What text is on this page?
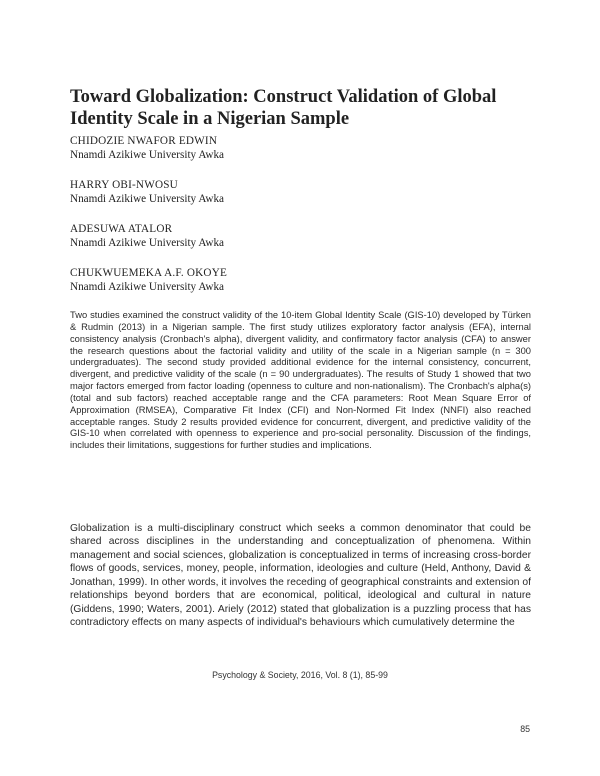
Toward Globalization: Construct Validation of Global Identity Scale in a Nigerian Sample
CHIDOZIE NWAFOR EDWIN
Nnamdi Azikiwe University Awka
HARRY OBI-NWOSU
Nnamdi Azikiwe University Awka
ADESUWA ATALOR
Nnamdi Azikiwe University Awka
CHUKWUEMEKA A.F. OKOYE
Nnamdi Azikiwe University Awka

Two studies examined the construct validity of the 10-item Global Identity Scale (GIS-10) developed by Türken & Rudmin (2013) in a Nigerian sample. The first study utilizes exploratory factor analysis (EFA), internal consistency analysis (Cronbach's alpha), divergent validity, and confirmatory factor analysis (CFA) to answer the research questions about the factorial validity and utility of the scale in a Nigerian sample (n = 300 undergraduates). The second study provided additional evidence for the internal consistency, concurrent, divergent, and predictive validity of the scale (n = 90 undergraduates). The results of Study 1 showed that two major factors emerged from factor loading (openness to culture and non-nationalism). The Cronbach's alpha(s) (total and sub factors) reached acceptable range and the CFA parameters: Root Mean Square Error of Approximation (RMSEA), Comparative Fit Index (CFI) and Non-Normed Fit Index (NNFI) also reached acceptable ranges. Study 2 results provided evidence for concurrent, divergent, and predictive validity of the GIS-10 when correlated with openness to experience and pro-social personality. Discussion of the findings, includes their limitations, suggestions for further studies and implications.

Globalization is a multi-disciplinary construct which seeks a common denominator that could be shared across disciplines in the understanding and conceptualization of phenomena. Within management and social sciences, globalization is conceptualized in terms of increasing cross-border flows of goods, services, money, people, information, ideologies and culture (Held, Anthony, David & Jonathan, 1999). In other words, it involves the receding of geographical constraints and extension of relationships beyond borders that are economical, political, ideological and cultural in nature (Giddens, 1990; Waters, 2001). Ariely (2012) stated that globalization is a puzzling process that has contradictory effects on many aspects of individual's behaviours which cumulatively determine the

Psychology & Society, 2016, Vol. 8 (1), 85-99
85
